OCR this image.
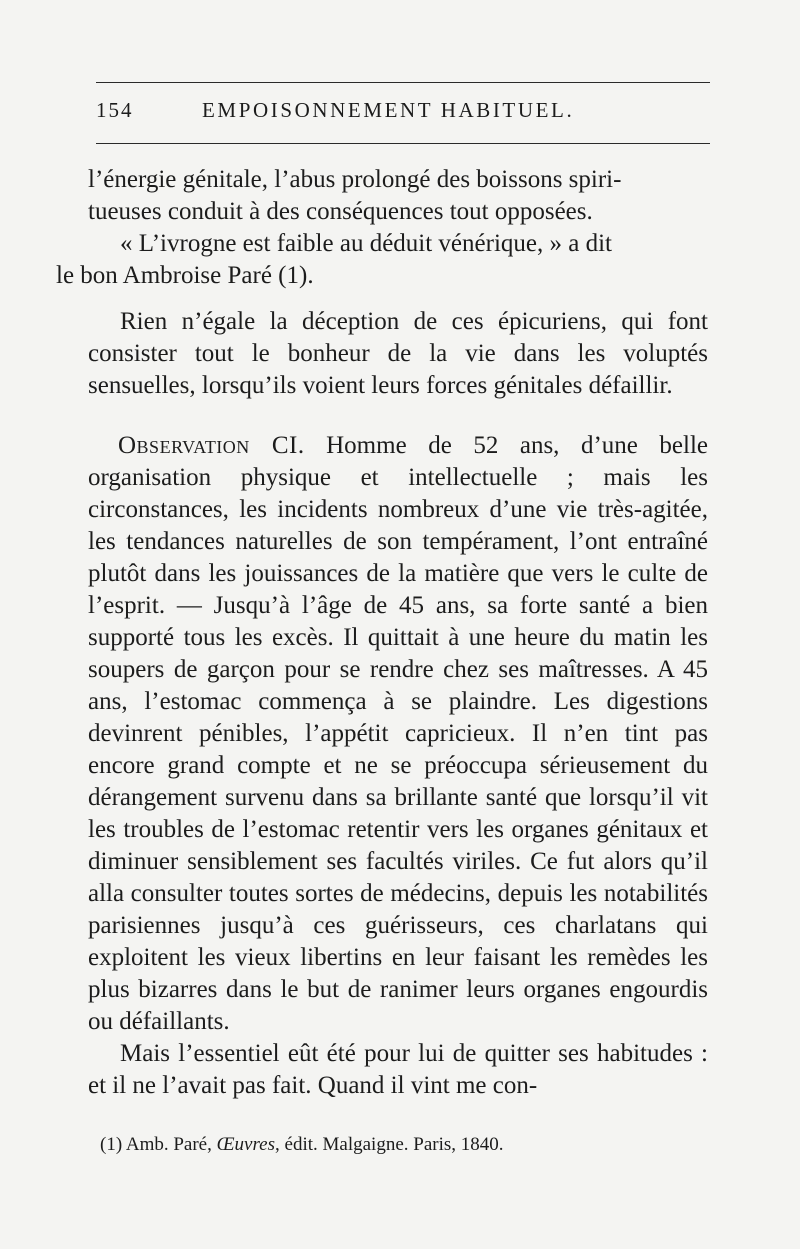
154	EMPOISONNEMENT HABITUEL.

l’énergie génitale, l’abus prolongé des boissons spiri-
tueuses conduit à des conséquences tout opposées.

« L’ivrogne est faible au déduit vénérique, » a dit
le bon Ambroise Paré (1).

Rien n’égale la déception de ces épicuriens, qui font consister tout le bonheur de la vie dans les voluptés sensuelles, lorsqu’ils voient leurs forces génitales défaillir.

Observation CI. Homme de 52 ans, d’une belle organisation physique et intellectuelle ; mais les circonstances, les incidents nombreux d’une vie très-agitée, les tendances naturelles de son tempérament, l’ont entraîné plutôt dans les jouissances de la matière que vers le culte de l’esprit. — Jusqu’à l’âge de 45 ans, sa forte santé a bien supporté tous les excès. Il quittait à une heure du matin les soupers de garçon pour se rendre chez ses maîtresses. A 45 ans, l’estomac commença à se plaindre. Les digestions devinrent pénibles, l’appétit capricieux. Il n’en tint pas encore grand compte et ne se préoccupa sérieusement du dérangement survenu dans sa brillante santé que lorsqu’il vit les troubles de l’estomac retentir vers les organes génitaux et diminuer sensiblement ses facultés viriles. Ce fut alors qu’il alla consulter toutes sortes de médecins, depuis les notabilités parisiennes jusqu’à ces guérisseurs, ces charlatans qui exploitent les vieux libertins en leur faisant les remèdes les plus bizarres dans le but de ranimer leurs organes engourdis ou défaillants.

Mais l’essentiel eût été pour lui de quitter ses habitudes : et il ne l’avait pas fait. Quand il vint me con-

(1) Amb. Paré, Œuvres, édit. Malgaigne. Paris, 1840.
